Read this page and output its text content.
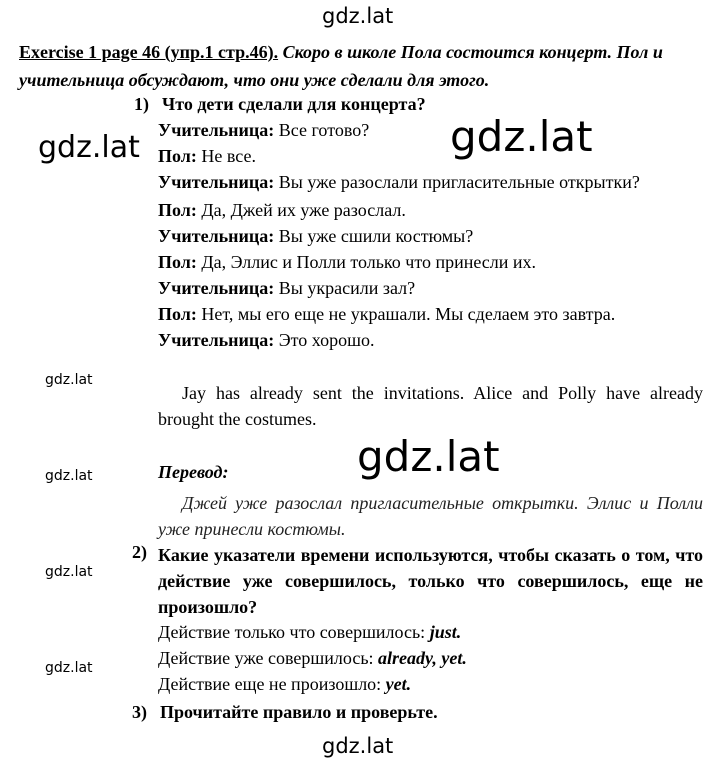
gdz.lat
gdz.lat	gdz.lat
gdz.lat
gdz.lat
gdz.lat
gdz.lat
gdz.lat
gdz.lat
Exercise 1 page 46 (упр.1 стр.46). Скоро в школе Пола состоится концерт. Пол и учительница обсуждают, что они уже сделали для этого.
1) Что дети сделали для концерта?
Учительница: Все готово?
Пол: Не все.
Учительница: Вы уже разослали пригласительные открытки?
Пол: Да, Джей их уже разослал.
Учительница: Вы уже сшили костюмы?
Пол: Да, Эллис и Полли только что принесли их.
Учительница: Вы украсили зал?
Пол: Нет, мы его еще не украшали. Мы сделаем это завтра.
Учительница: Это хорошо.
Jay has already sent the invitations. Alice and Polly have already brought the costumes.
Перевод:
Джей уже разослал пригласительные открытки. Эллис и Полли уже принесли костюмы.
2) Какие указатели времени используются, чтобы сказать о том, что действие уже совершилось, только что совершилось, еще не произошло?
Действие только что совершилось: just.
Действие уже совершилось: already, yet.
Действие еще не произошло: yet.
3) Прочитайте правило и проверьте.
